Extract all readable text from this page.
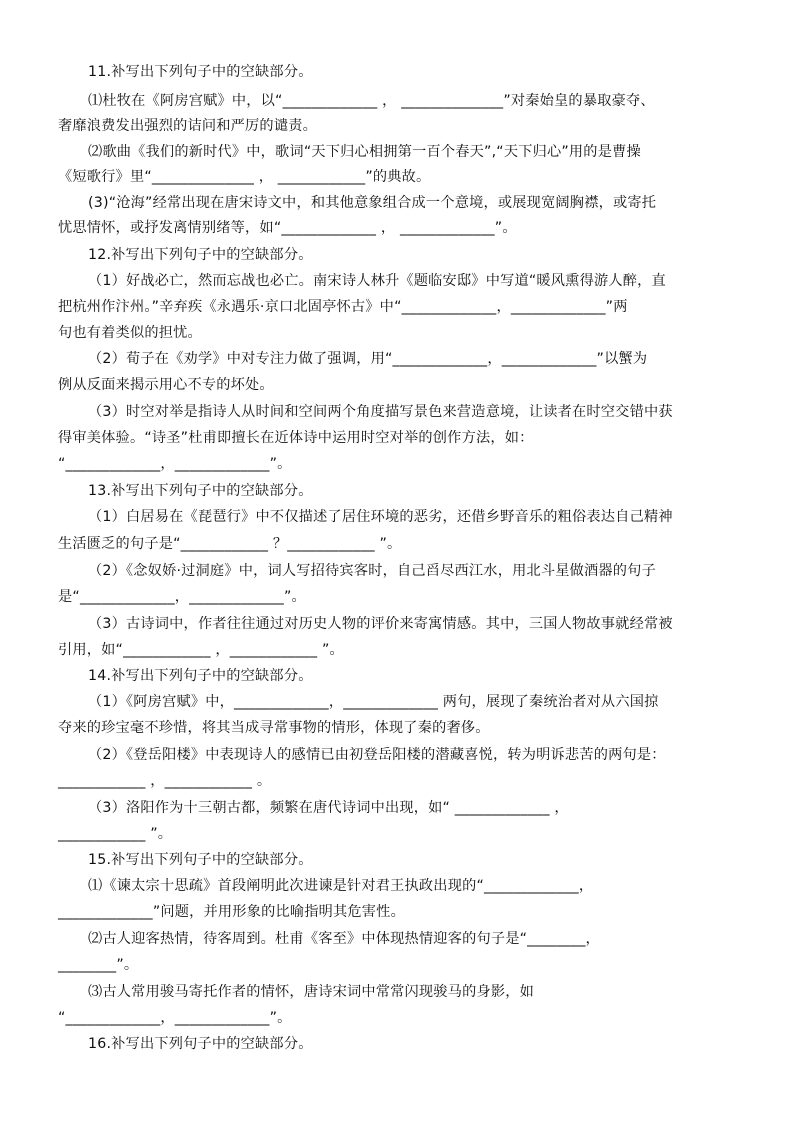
11.补写出下列句子中的空缺部分。
⑴杜牧在《阿房宫赋》中，以“_____________ ， ______________”对秦始皇的暴取豪夺、
奢靡浪费发出强烈的诘问和严厉的谴责。
⑵歌曲《我们的新时代》中，歌词“天下归心相拥第一百个春天”,“天下归心”用的是曹操
《短歌行》里“______________ ， ____________”的典故。
(3)“沧海”经常出现在唐宋诗文中，和其他意象组合成一个意境，或展现宽阔胸襟，或寄托
忧思情怀，或抒发离情别绪等，如“_____________ ， _____________”。
12.补写出下列句子中的空缺部分。
（1）好战必亡，然而忘战也必亡。南宋诗人林升《题临安邸》中写道“暖风熏得游人醉，直
把杭州作汴州。”辛弃疾《永遇乐·京口北固亭怀古》中“_____________，_____________”两
句也有着类似的担忧。
（2）荀子在《劝学》中对专注力做了强调，用“_____________，_____________”以蟹为
例从反面来揭示用心不专的坏处。
（3）时空对举是指诗人从时间和空间两个角度描写景色来营造意境，让读者在时空交错中获
得审美体验。“诗圣”杜甫即擅长在近体诗中运用时空对举的创作方法，如：
“_____________，_____________”。
13.补写出下列句子中的空缺部分。
（1）白居易在《琵琶行》中不仅描述了居住环境的恶劣，还借乡野音乐的粗俗表达自己精神
生活匮乏的句子是“____________ ？____________ ”。
（2）《念奴娇·过洞庭》中，词人写招待宾客时，自己舀尽西江水，用北斗星做酒器的句子
是“_____________，_____________”。
（3）古诗词中，作者往往通过对历史人物的评价来寄寓情感。其中，三国人物故事就经常被
引用，如“____________ ，____________ ”。
14.补写出下列句子中的空缺部分。
（1）《阿房宫赋》中，_____________，_____________ 两句，展现了秦统治者对从六国掠
夺来的珍宝毫不珍惜，将其当成寻常事物的情形，体现了秦的奢侈。
（2）《登岳阳楼》中表现诗人的感情已由初登岳阳楼的潜藏喜悦，转为明诉悲苦的两句是：
____________ ，____________ 。
（3）洛阳作为十三朝古都，频繁在唐代诗词中出现，如“ _____________ ，
____________ ”。
15.补写出下列句子中的空缺部分。
⑴《谏太宗十思疏》首段阐明此次进谏是针对君王执政出现的“_____________，
_____________”问题，并用形象的比喻指明其危害性。
⑵古人迎客热情，待客周到。杜甫《客至》中体现热情迎客的句子是“________，
________”。
⑶古人常用骏马寄托作者的情怀，唐诗宋词中常常闪现骏马的身影，如
“_____________，_____________”。
16.补写出下列句子中的空缺部分。
